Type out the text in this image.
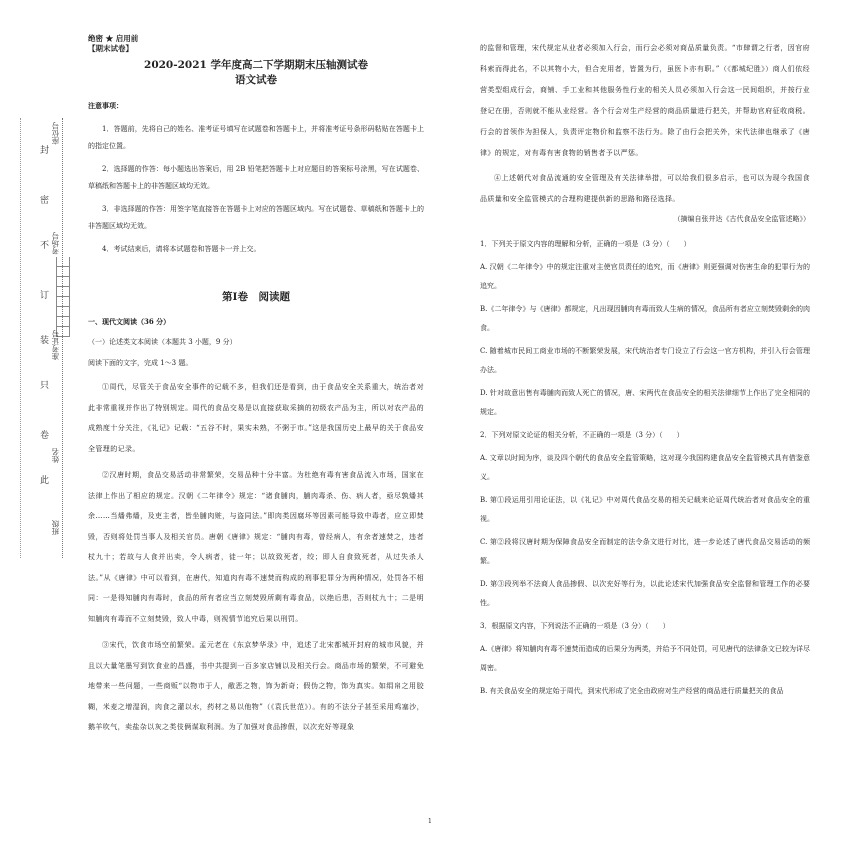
封
密
不
订
装
只
卷
此
座位号
考场号
准考证号
姓名
班级
绝密 ★ 启用前
【期末试卷】
2020-2021 学年度高二下学期期末压轴测试卷
语文试卷

注意事项：

1．答题前，先将自己的姓名、准考证号填写在试题卷和答题卡上，并将准考证号条形码粘贴在答题卡上的指定位置。

2．选择题的作答：每小题选出答案后，用 2B 铅笔把答题卡上对应题目的答案标号涂黑，写在试题卷、草稿纸和答题卡上的非答题区域均无效。

3．非选择题的作答：用签字笔直接答在答题卡上对应的答题区域内。写在试题卷、草稿纸和答题卡上的非答题区域均无效。

4．考试结束后，请将本试题卷和答题卡一并上交。

第Ⅰ卷　阅读题

一、现代文阅读（36 分）

（一）论述类文本阅读（本题共 3 小题，9 分）

阅读下面的文字，完成 1～3 题。

①周代，尽管关于食品安全事件的记载不多，但我们还是看到，由于食品安全关系重大，统治者对此非常重视并作出了特别规定。周代的食品交易是以直接获取采摘的初级农产品为主，所以对农产品的成熟度十分关注，《礼记》记载：“五谷不时，果实未熟，不粥于市。”这是我国历史上最早的关于食品安全管理的记录。

②汉唐时期，食品交易活动非常繁荣，交易品种十分丰富。为杜绝有毒有害食品流入市场，国家在法律上作出了相应的规定。汉朝《二年律令》规定：“诸食脯肉，脯肉毒杀、伤、病人者，亟尽孰燔其余……当燔弗燔，及吏主者，皆坐脯肉赃，与盗同法。”即肉类因腐坏等因素可能导致中毒者，应立即焚毁，否则将处罚当事人及相关官员。唐朝《唐律》规定：“脯肉有毒，曾经病人，有余者速焚之，违者杖九十；若故与人食并出卖，令人病者，徒一年；以故致死者，绞；即人自食致死者，从过失杀人法。”从《唐律》中可以看到，在唐代，知道肉有毒不速焚而构成的刑事犯罪分为两种情况，处罚各不相同：一是得知脯肉有毒时，食品的所有者应当立刻焚毁所剩有毒食品，以绝后患，否则杖九十；二是明知脯肉有毒而不立刻焚毁，致人中毒，则视情节追究后果以刑罚。

③宋代，饮食市场空前繁荣。孟元老在《东京梦华录》中，追述了北宋都城开封府的城市风貌，并且以大量笔墨写到饮食业的昌盛，书中共提到一百多家店铺以及相关行会。商品市场的繁荣，不可避免地带来一些问题，一些商贩“以物市于人，敝恶之物，饰为新奇；假伪之物，饰为真实。如绢帛之用胶糊，米麦之增湿润，肉食之灌以水，药材之易以他物”（《袁氏世范》）。有的不法分子甚至采用鸡塞沙，鹅羊吹气，卖盐杂以灰之类伎俩谋取利润。为了加强对食品掺假，以次充好等现象

的监督和管理，宋代规定从业者必须加入行会，而行会必须对商品质量负责。“市肆谓之行者，因官府科索而得此名，不以其物小大，但合充用者，皆置为行，虽医卜亦有职。”（《都城纪胜》）商人们依经营类型组成行会，商铺、手工业和其他服务性行业的相关人员必须加入行会这一民间组织，并按行业登记在册，否则就不能从业经营。各个行会对生产经营的商品质量进行把关，并帮助官府征收商税。行会的首领作为担保人，负责评定物价和监察不法行为。除了由行会把关外，宋代法律也继承了《唐律》的规定，对有毒有害食物的销售者予以严惩。

④上述朝代对食品流通的安全管理及有关法律举措，可以给我们很多启示，也可以为现今我国食品质量和安全监管模式的合理构建提供新的思路和路径选择。

（摘编自张井达《古代食品安全监管述略》）

1．下列关于原文内容的理解和分析，正确的一项是（3 分）（　　）

A. 汉朝《二年律令》中的规定注重对主使官员责任的追究，而《唐律》则更强调对伤害生命的犯罪行为的追究。

B.《二年律令》与《唐律》都规定，凡出现因脯肉有毒而致人生病的情况，食品所有者应立刻焚毁剩余的肉食。

C. 随着城市民间工商业市场的不断繁荣发展，宋代统治者专门设立了行会这一官方机构，并引入行会管理办法。

D. 针对故意出售有毒脯肉而致人死亡的情况，唐、宋两代在食品安全的相关法律细节上作出了完全相同的规定。

2．下列对原文论证的相关分析，不正确的一项是（3 分）（　　）

A. 文章以时间为序，谈及四个朝代的食品安全监管策略，这对现今我国构建食品安全监管模式具有借鉴意义。

B. 第①段运用引用论证法，以《礼记》中对周代食品交易的相关记载来论证周代统治者对食品安全的重视。

C. 第②段将汉唐时期为保障食品安全而制定的法令条文进行对比，进一步论述了唐代食品交易活动的频繁。

D. 第③段列举不法商人食品掺假、以次充好等行为，以此论述宋代加强食品安全监督和管理工作的必要性。

3．根据原文内容，下列说法不正确的一项是（3 分）（　　）

A.《唐律》将知脯肉有毒不速焚而造成的后果分为两类，并给予不同处罚，可见唐代的法律条文已较为详尽周密。

B. 有关食品安全的规定始于周代，到宋代形成了完全由政府对生产经营的商品进行质量把关的食品

1
